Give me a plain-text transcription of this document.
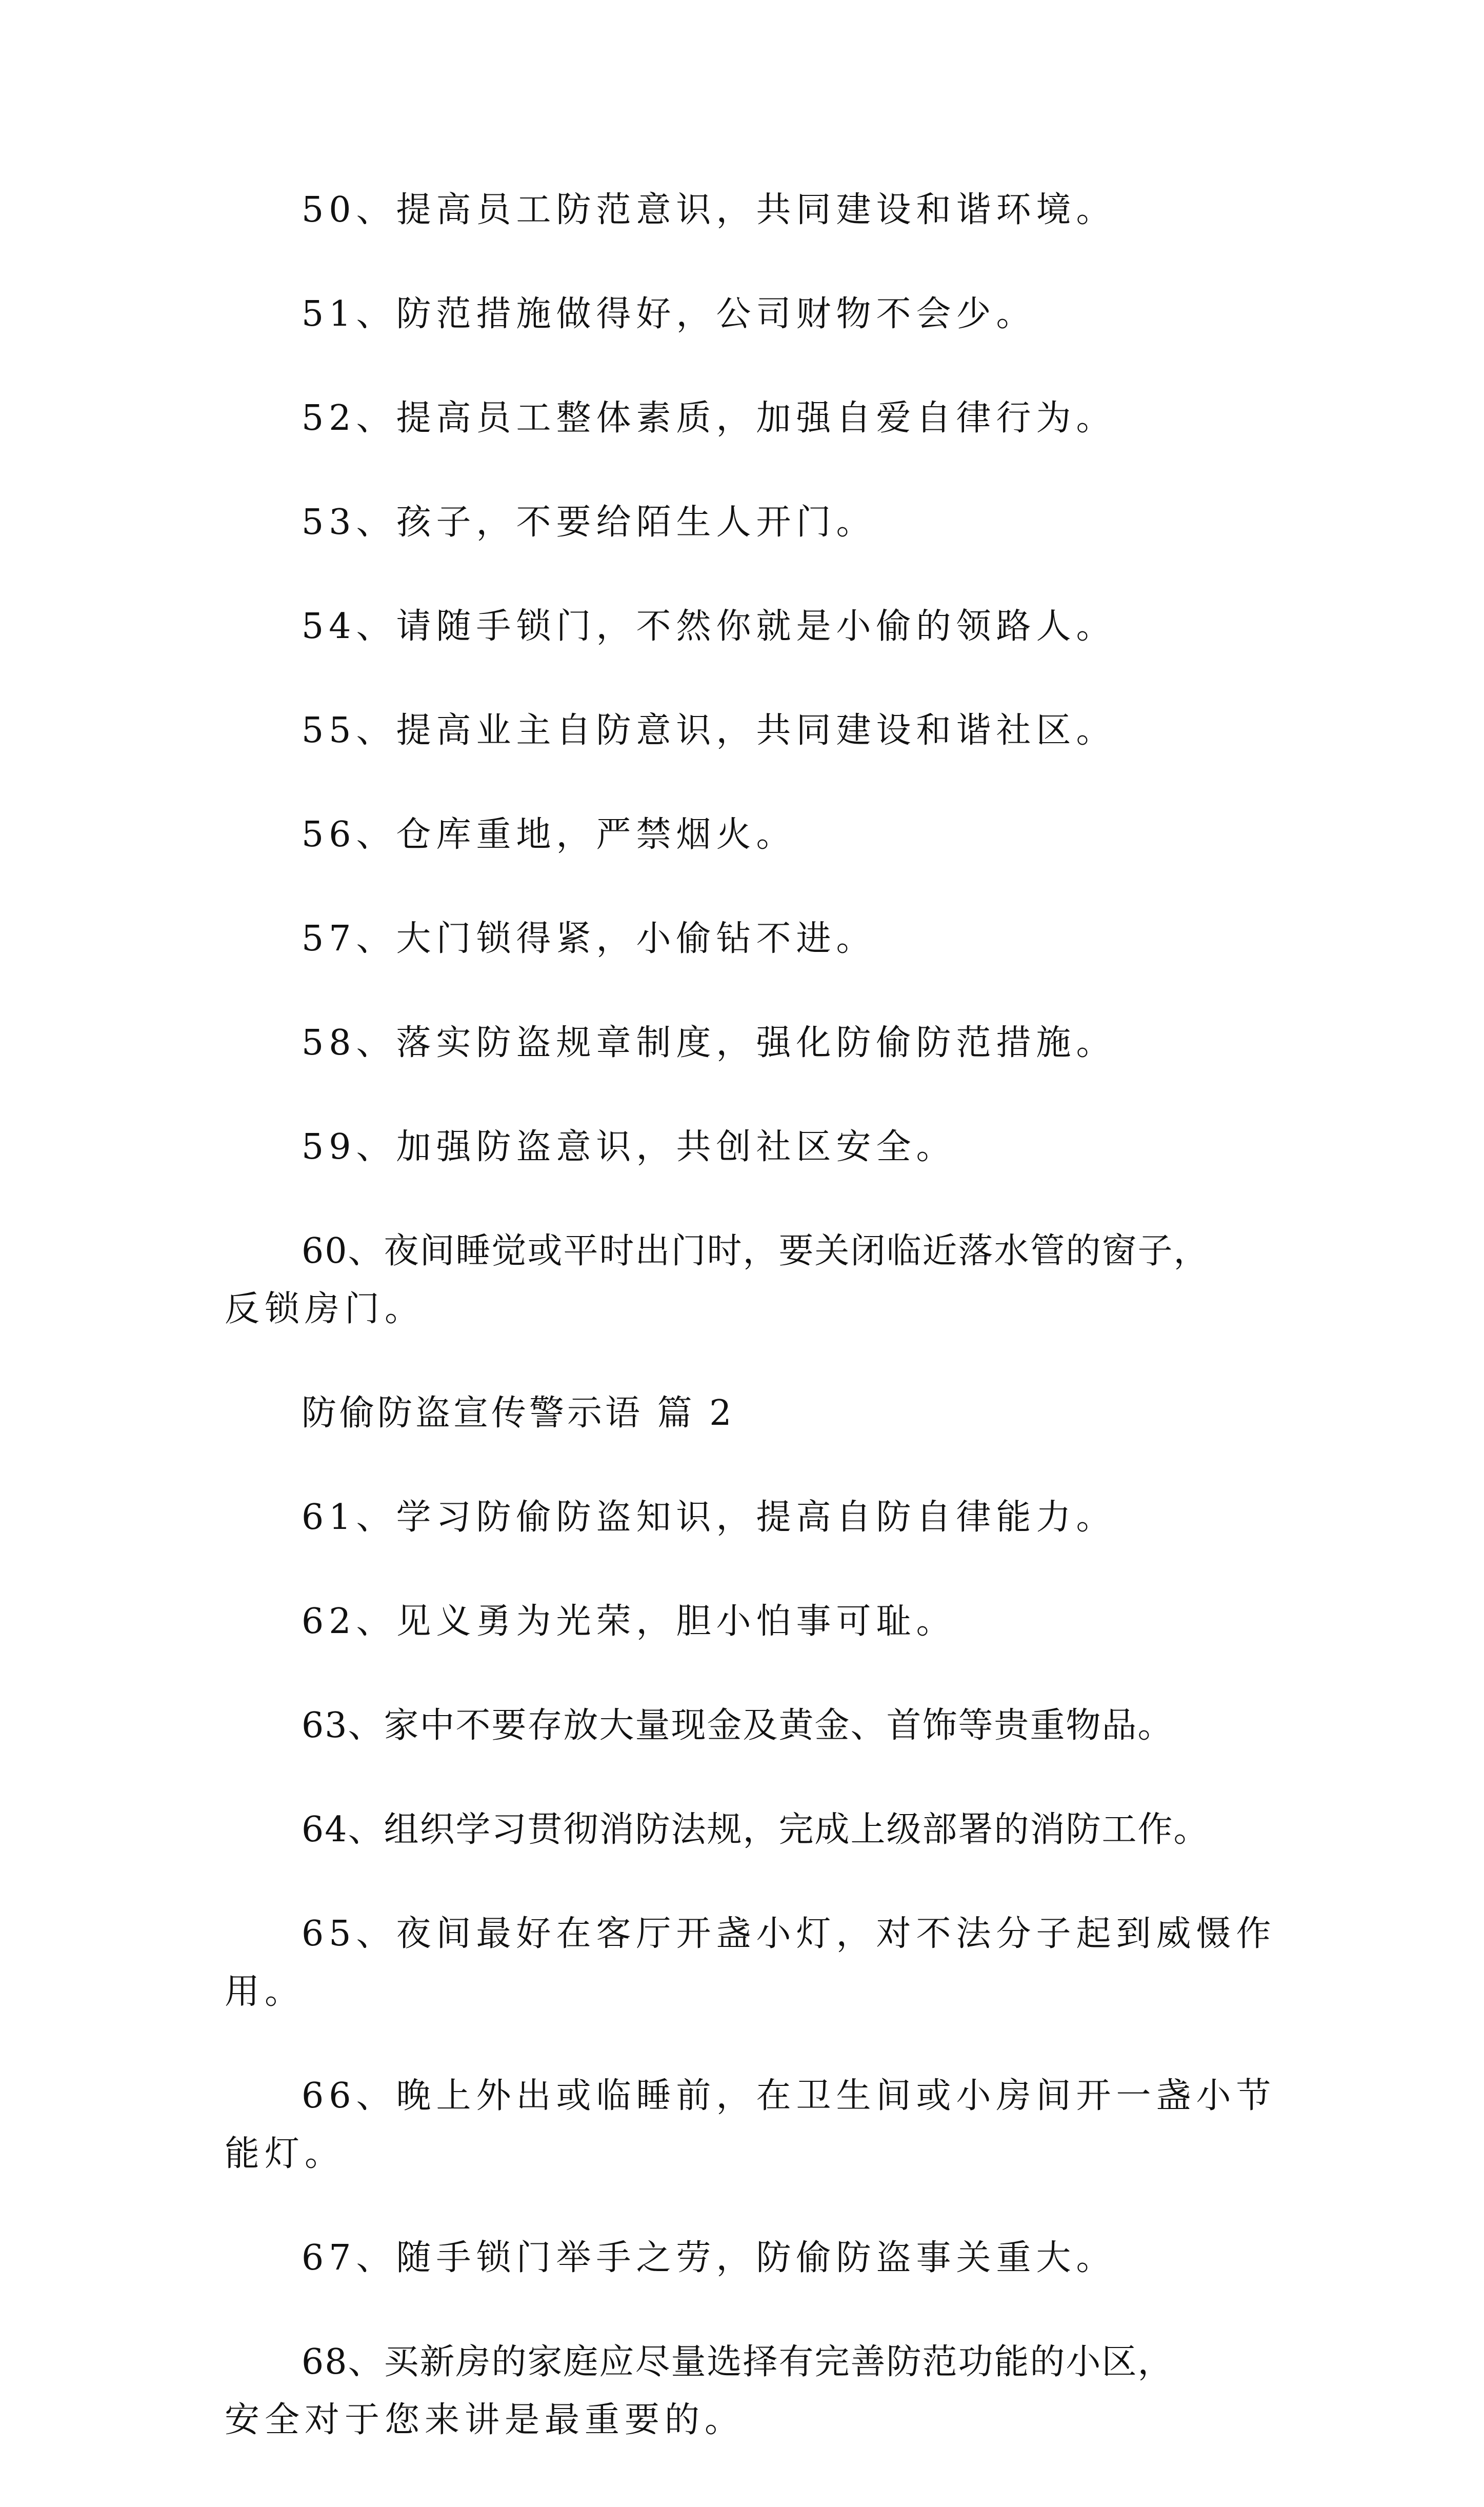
50、提高员工防范意识，共同建设和谐环境。
51、防范措施做得好，公司财物不会少。
52、提高员工整体素质，加强自爱自律行为。
53、孩子，不要给陌生人开门。
54、请随手锁门，不然你就是小偷的领路人。
55、提高业主自防意识，共同建设和谐社区。
56、仓库重地，严禁烟火。
57、大门锁得紧，小偷钻不进。
58、落实防盗规章制度，强化防偷防范措施。
59、加强防盗意识，共创社区安全。
60、夜间睡觉或平时出门时，要关闭临近落水管的窗子，
反锁房门。
防偷防盗宣传警示语 篇 2
61、学习防偷防盗知识，提高自防自律能力。
62、见义勇为光荣，胆小怕事可耻。
63、家中不要存放大量现金及黄金、首饰等贵重物品。
64、组织学习贯彻消防法规，完成上级部署的消防工作。
65、夜间最好在客厅开盏小灯，对不法分子起到威慑作
用。
66、晚上外出或临睡前，在卫生间或小房间开一盏小节
能灯。
67、随手锁门举手之劳，防偷防盗事关重大。
68、买新房的家庭应尽量选择有完善防范功能的小区，
安全对于您来讲是最重要的。
